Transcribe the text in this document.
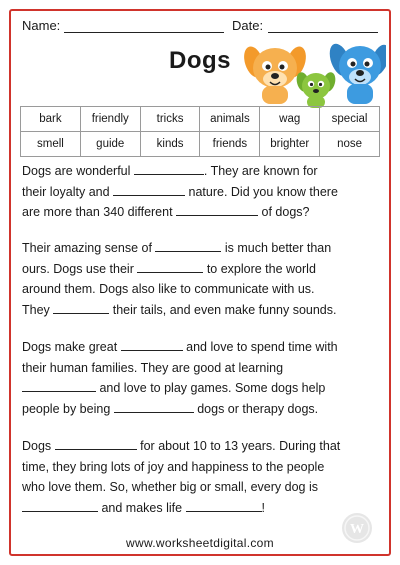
Name:	Date:
Dogs
bark	friendly	tricks	animals	wag	special
smell	guide	kinds	friends	brighter	nose
Dogs are wonderful	. They are known for
their loyalty and	nature. Did you know there
are more than 340 different	of dogs?
Their amazing sense of	is much better than
ours. Dogs use their	to explore the world
around them. Dogs also like to communicate with us.
They	their tails, and even make funny sounds.
Dogs make great	and love to spend time with
their human families. They are good at learning
and love to play games. Some dogs help
people by being	dogs or therapy dogs.
Dogs	for about 10 to 13 years. During that
time, they bring lots of joy and happiness to the people
who love them. So, whether big or small, every dog is
and makes life	!
www.worksheetdigital.com
W
